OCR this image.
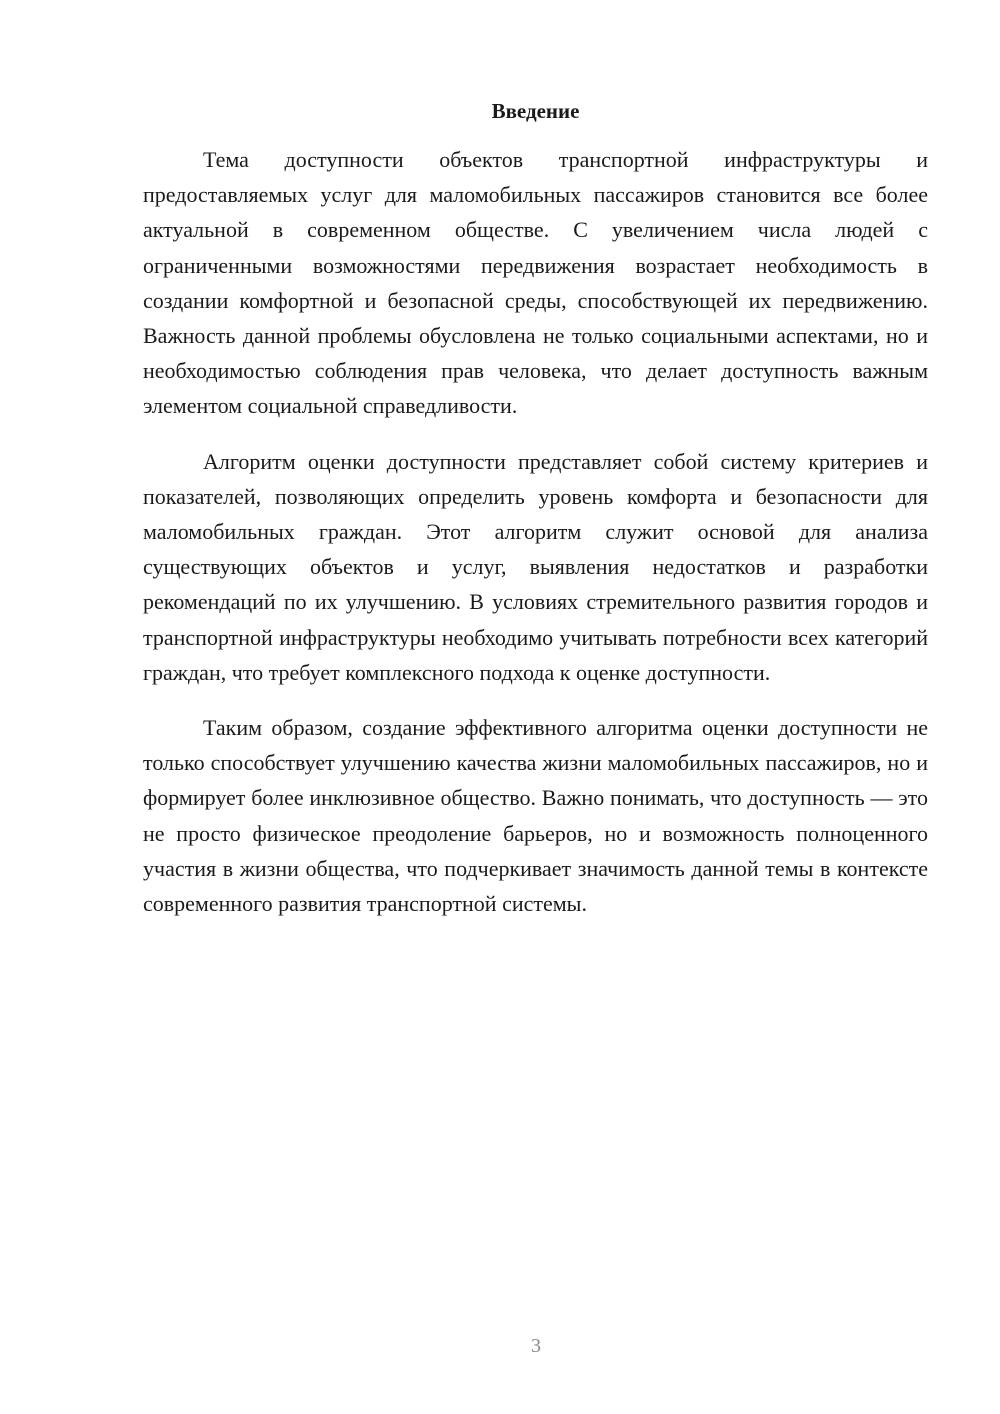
Введение

Тема доступности объектов транспортной инфраструктуры и предоставляемых услуг для маломобильных пассажиров становится все более актуальной в современном обществе. С увеличением числа людей с ограниченными возможностями передвижения возрастает необходимость в создании комфортной и безопасной среды, способствующей их передвижению. Важность данной проблемы обусловлена не только социальными аспектами, но и необходимостью соблюдения прав человека, что делает доступность важным элементом социальной справедливости.

Алгоритм оценки доступности представляет собой систему критериев и показателей, позволяющих определить уровень комфорта и безопасности для маломобильных граждан. Этот алгоритм служит основой для анализа существующих объектов и услуг, выявления недостатков и разработки рекомендаций по их улучшению. В условиях стремительного развития городов и транспортной инфраструктуры необходимо учитывать потребности всех категорий граждан, что требует комплексного подхода к оценке доступности.

Таким образом, создание эффективного алгоритма оценки доступности не только способствует улучшению качества жизни маломобильных пассажиров, но и формирует более инклюзивное общество. Важно понимать, что доступность — это не просто физическое преодоление барьеров, но и возможность полноценного участия в жизни общества, что подчеркивает значимость данной темы в контексте современного развития транспортной системы.

3
